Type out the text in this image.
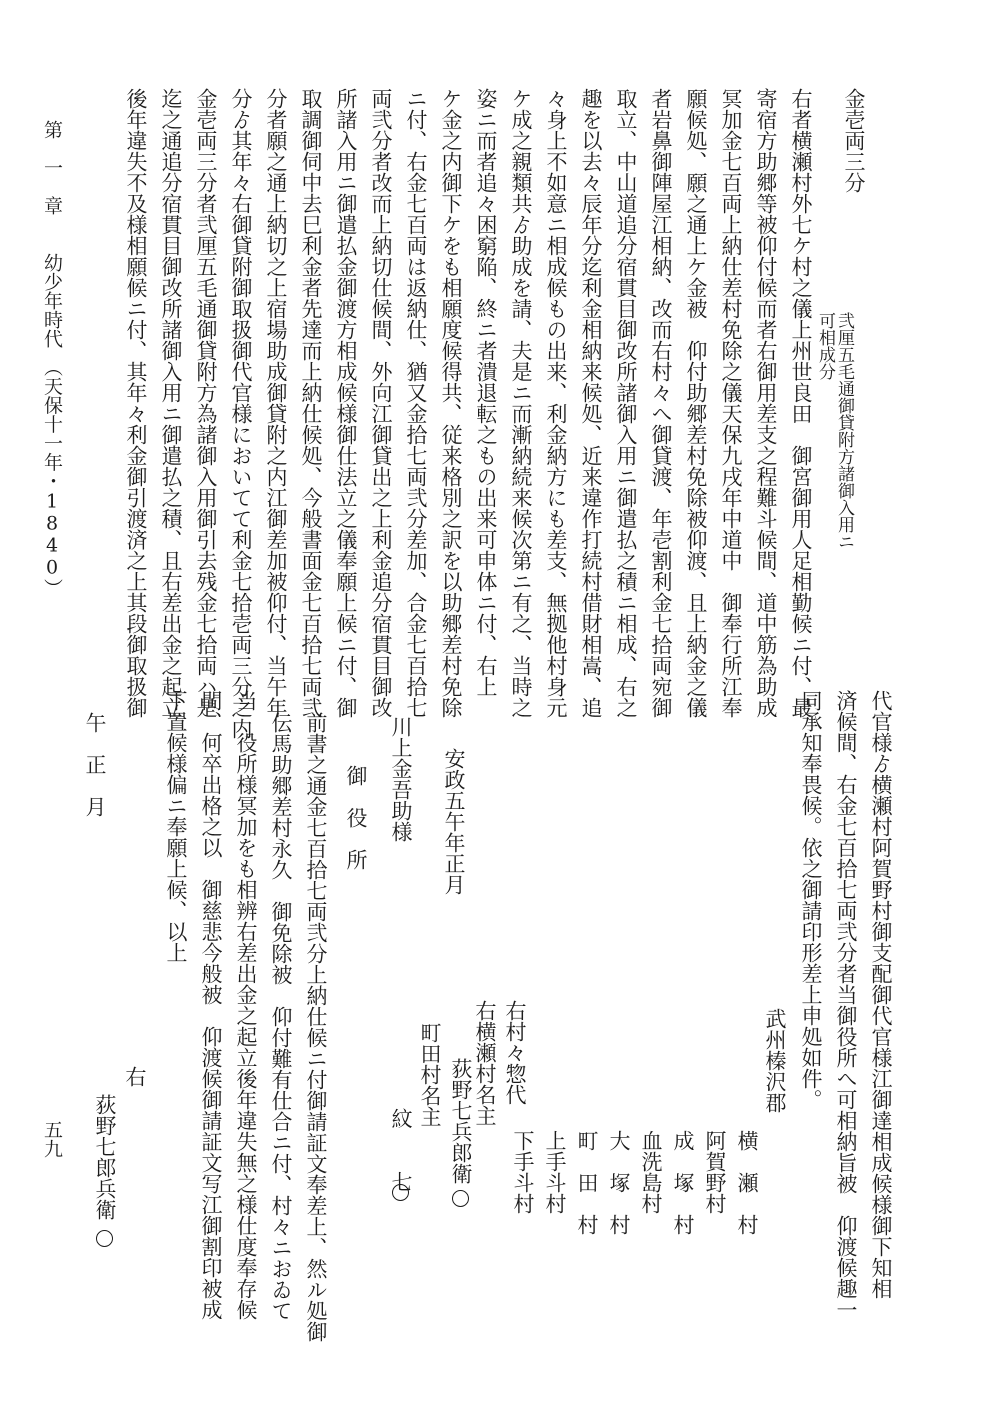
金壱両三分
弐厘五毛通御貸附方諸御入用ニ
可相成分
右者横瀬村外七ケ村之儀上州世良田　御宮御用人足相勤候ニ付、最
寄宿方助郷等被仰付候而者右御用差支之程難斗候間、道中筋為助成
冥加金七百両上納仕差村免除之儀天保九戌年中道中　御奉行所江奉
願候処、願之通上ケ金被　仰付助郷差村免除被仰渡、且上納金之儀
者岩鼻御陣屋江相納、改而右村々へ御貸渡、年壱割利金七拾両宛御
取立、中山道追分宿貫目御改所諸御入用ニ御遣払之積ニ相成、右之
趣を以去々辰年分迄利金相納来候処、近来違作打続村借財相嵩、追
々身上不如意ニ相成候もの出来、利金納方にも差支、無拠他村身元
ケ成之親類共ゟ助成を請、夫是ニ而漸納続来候次第ニ有之、当時之
姿ニ而者追々困窮陥、終ニ者潰退転之もの出来可申体ニ付、右上
ケ金之内御下ケをも相願度候得共、従来格別之訳を以助郷差村免除
ニ付、右金七百両は返納仕、猶又金拾七両弐分差加、合金七百拾七
両弐分者改而上納切仕候間、外向江御貸出之上利金追分宿貫目御改
所諸入用ニ御遣払金御渡方相成候様御仕法立之儀奉願上候ニ付、御
取調御伺中去巳利金者先達而上納仕候処、今般書面金七百拾七両弐
分者願之通上納切之上宿場助成御貸附之内江御差加被仰付、当午年
分ゟ其年々右御貸附御取扱御代官様においてて利金七拾壱両三分之内
金壱両三分者弐厘五毛通御貸附方為諸御入用御引去残金七拾両ハ是
迄之通追分宿貫目御改所諸御入用ニ御遣払之積、且右差出金之起立
後年違失不及様相願候ニ付、其年々利金御引渡済之上其段御取扱御
第　一　章　　幼少年時代　（天保十一年・1840）
代官様ゟ横瀬村阿賀野村御支配御代官様江御達相成候様御下知相
済候間、右金七百拾七両弐分者当御役所へ可相納旨被　仰渡候趣一
同承知奉畏候。依之御請印形差上申処如件。
武州榛沢郡
横　瀬　村
阿賀野村
成　塚　村
血洗島村
大　塚　村
町　田　村
上手斗村
下手斗村
右村々惣代
右横瀬村名主
荻野七兵郎衛
安政五午年正月
町田村名主
紋　　七
川上金吾助様
御　役　所
前書之通金七百拾七両弐分上納仕候ニ付御請証文奉差上、然ル処御
伝馬助郷差村永久　御免除被　仰付難有仕合ニ付、村々ニおゐて
当　役所様冥加をも相辨右差出金之起立後年違失無之様仕度奉存候
間、何卒出格之以　御慈悲今般被　仰渡候御請証文写江御割印被成
下置候様偏ニ奉願上候、以上
午　正　月
右
荻野七郎兵衛
五九
